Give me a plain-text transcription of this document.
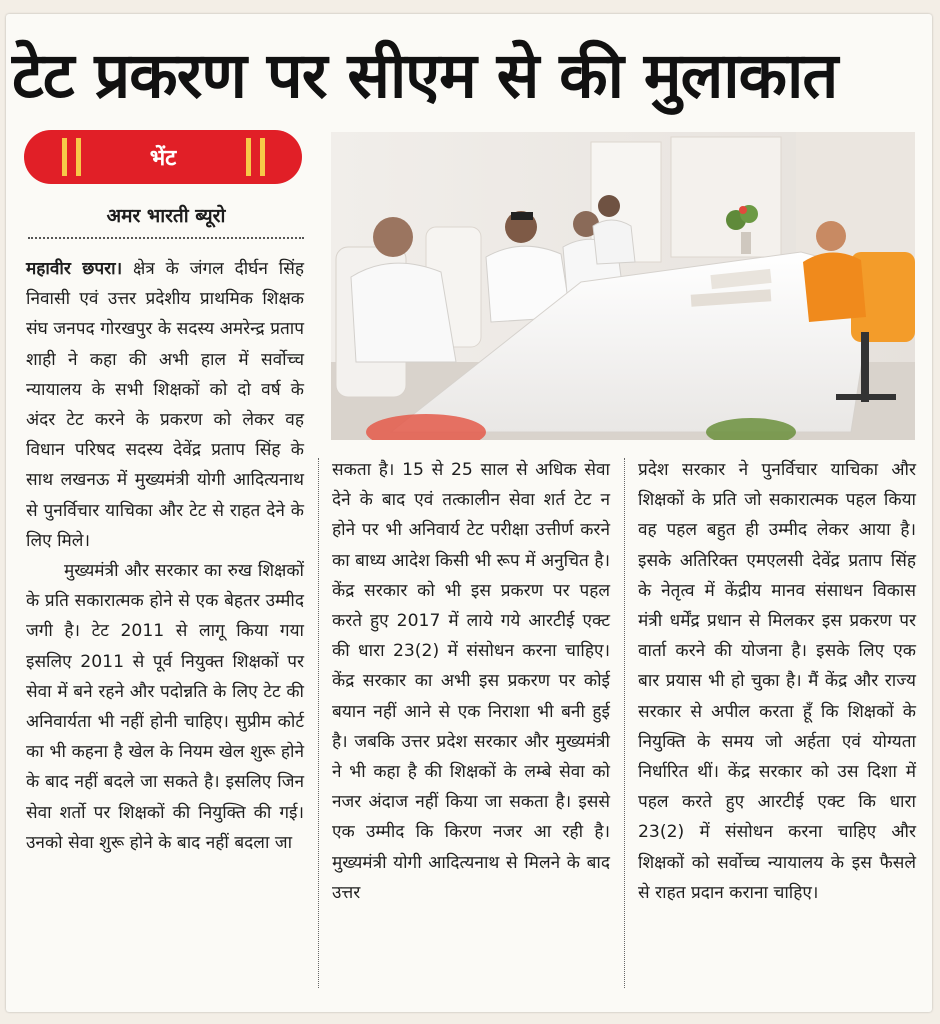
टेट प्रकरण पर सीएम से की मुलाकात
भेंट
अमर भारती ब्यूरो

महावीर छपरा। क्षेत्र के जंगल दीर्घन सिंह निवासी एवं उत्तर प्रदेशीय प्राथमिक शिक्षक संघ जनपद गोरखपुर के सदस्य अमरेन्द्र प्रताप शाही ने कहा की अभी हाल में सर्वोच्च न्यायालय के सभी शिक्षकों को दो वर्ष के अंदर टेट करने के प्रकरण को लेकर वह विधान परिषद सदस्य देवेंद्र प्रताप सिंह के साथ लखनऊ में मुख्यमंत्री योगी आदित्यनाथ से पुनर्विचार याचिका और टेट से राहत देने के लिए मिले।

मुख्यमंत्री और सरकार का रुख शिक्षकों के प्रति सकारात्मक होने से एक बेहतर उम्मीद जगी है। टेट 2011 से लागू किया गया इसलिए 2011 से पूर्व नियुक्त शिक्षकों पर सेवा में बने रहने और पदोन्नति के लिए टेट की अनिवार्यता भी नहीं होनी चाहिए। सुप्रीम कोर्ट का भी कहना है खेल के नियम खेल शुरू होने के बाद नहीं बदले जा सकते है। इसलिए जिन सेवा शर्तो पर शिक्षकों की नियुक्ति की गई। उनको सेवा शुरू होने के बाद नहीं बदला जा

सकता है। 15 से 25 साल से अधिक सेवा देने के बाद एवं तत्कालीन सेवा शर्त टेट न होने पर भी अनिवार्य टेट परीक्षा उत्तीर्ण करने का बाध्य आदेश किसी भी रूप में अनुचित है। केंद्र सरकार को भी इस प्रकरण पर पहल करते हुए 2017 में लाये गये आरटीई एक्ट की धारा 23(2) में संसोधन करना चाहिए। केंद्र सरकार का अभी इस प्रकरण पर कोई बयान नहीं आने से एक निराशा भी बनी हुई है। जबकि उत्तर प्रदेश सरकार और मुख्यमंत्री ने भी कहा है की शिक्षकों के लम्बे सेवा को नजर अंदाज नहीं किया जा सकता है। इससे एक उम्मीद कि किरण नजर आ रही है। मुख्यमंत्री योगी आदित्यनाथ से मिलने के बाद उत्तर

प्रदेश सरकार ने पुनर्विचार याचिका और शिक्षकों के प्रति जो सकारात्मक पहल किया वह पहल बहुत ही उम्मीद लेकर आया है। इसके अतिरिक्त एमएलसी देवेंद्र प्रताप सिंह के नेतृत्व में केंद्रीय मानव संसाधन विकास मंत्री धर्मेंद्र प्रधान से मिलकर इस प्रकरण पर वार्ता करने की योजना है। इसके लिए एक बार प्रयास भी हो चुका है। मैं केंद्र और राज्य सरकार से अपील करता हूँ कि शिक्षकों के नियुक्ति के समय जो अर्हता एवं योग्यता निर्धारित थीं। केंद्र सरकार को उस दिशा में पहल करते हुए आरटीई एक्ट कि धारा 23(2) में संसोधन करना चाहिए और शिक्षकों को सर्वोच्च न्यायालय के इस फैसले से राहत प्रदान कराना चाहिए।
